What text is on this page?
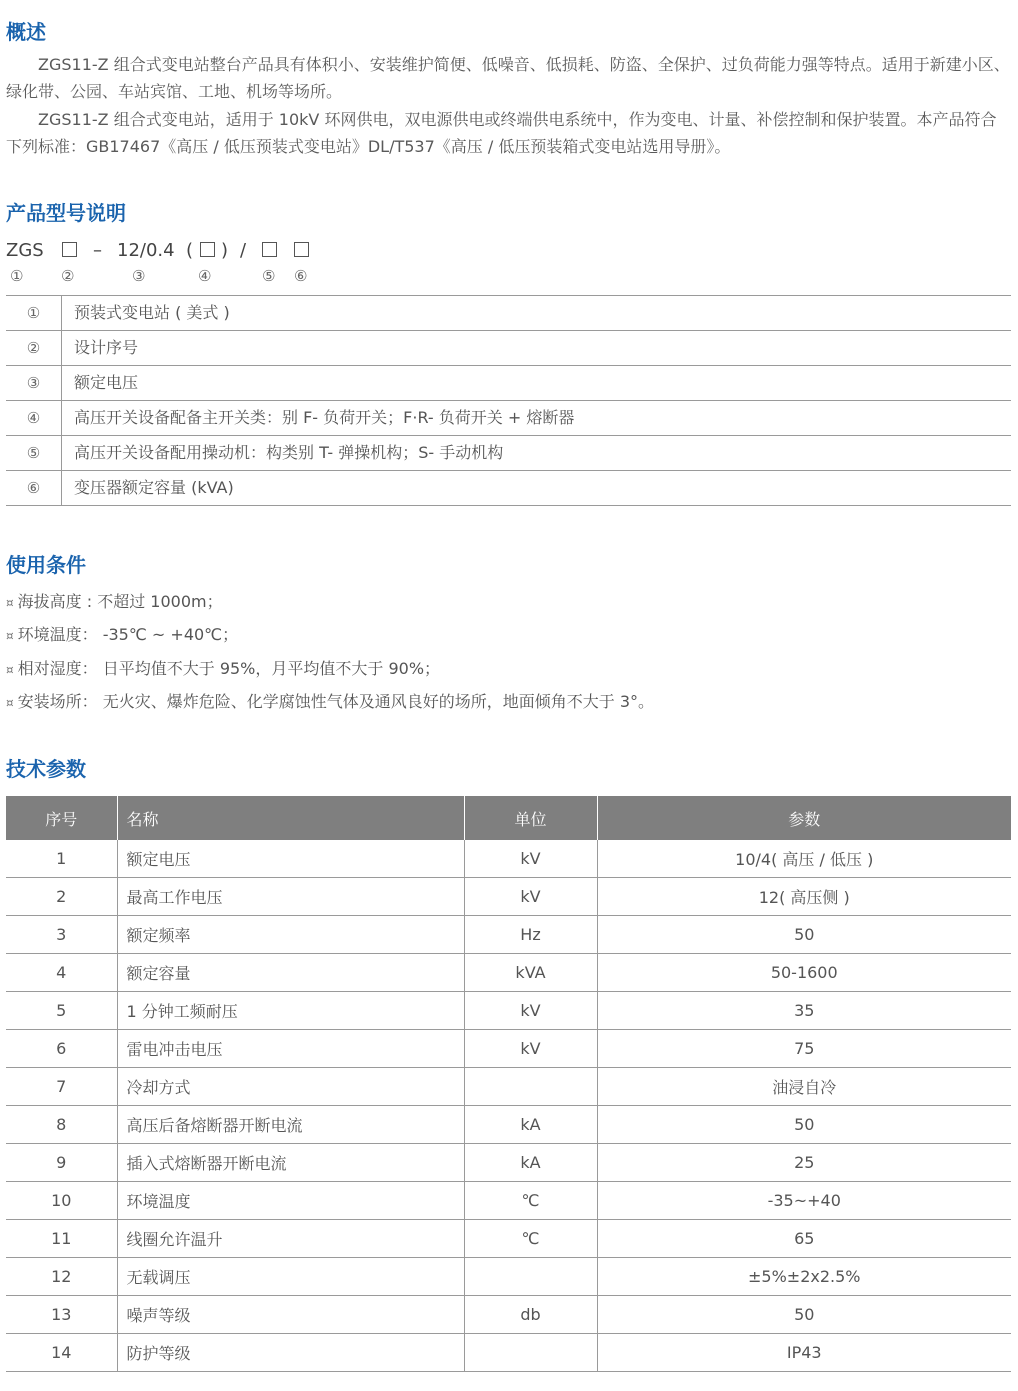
概述

ZGS11-Z 组合式变电站整台产品具有体积小、安装维护简便、低噪音、低损耗、防盗、全保护、过负荷能力强等特点。适用于新建小区、绿化带、公园、车站宾馆、工地、机场等场所。

ZGS11-Z 组合式变电站，适用于 10kV 环网供电，双电源供电或终端供电系统中，作为变电、计量、补偿控制和保护装置。本产品符合下列标准：GB17467《高压 / 低压预装式变电站》DL/T537《高压 / 低压预装箱式变电站选用导册》。

产品型号说明
ZGS	– 12/0.4 ( ) /
①	②	③	④	⑤ ⑥
①	预装式变电站 ( 美式 )
②	设计序号
③	额定电压
④	高压开关设备配备主开关类：别 F- 负荷开关；F·R- 负荷开关 + 熔断器
⑤	高压开关设备配用操动机：构类别 T- 弹操机构；S- 手动机构
⑥	变压器额定容量 (kVA)
使用条件
¤ 海拔高度 : 不超过 1000m；
¤ 环境温度： -35℃ ~ +40℃；
¤ 相对湿度： 日平均值不大于 95%，月平均值不大于 90%；
¤ 安装场所： 无火灾、爆炸危险、化学腐蚀性气体及通风良好的场所，地面倾角不大于 3°。
技术参数
序号	名称	单位	参数
1	额定电压	kV	10/4( 高压 / 低压 )
2	最高工作电压	kV	12( 高压侧 )
3	额定频率	Hz	50
4	额定容量	kVA	50-1600
5	1 分钟工频耐压	kV	35
6	雷电冲击电压	kV	75
7	冷却方式		油浸自冷
8	高压后备熔断器开断电流	kA	50
9	插入式熔断器开断电流	kA	25
10	环境温度	℃	-35~+40
11	线圈允许温升	℃	65
12	无载调压		±5%±2x2.5%
13	噪声等级	db	50
14	防护等级		IP43
